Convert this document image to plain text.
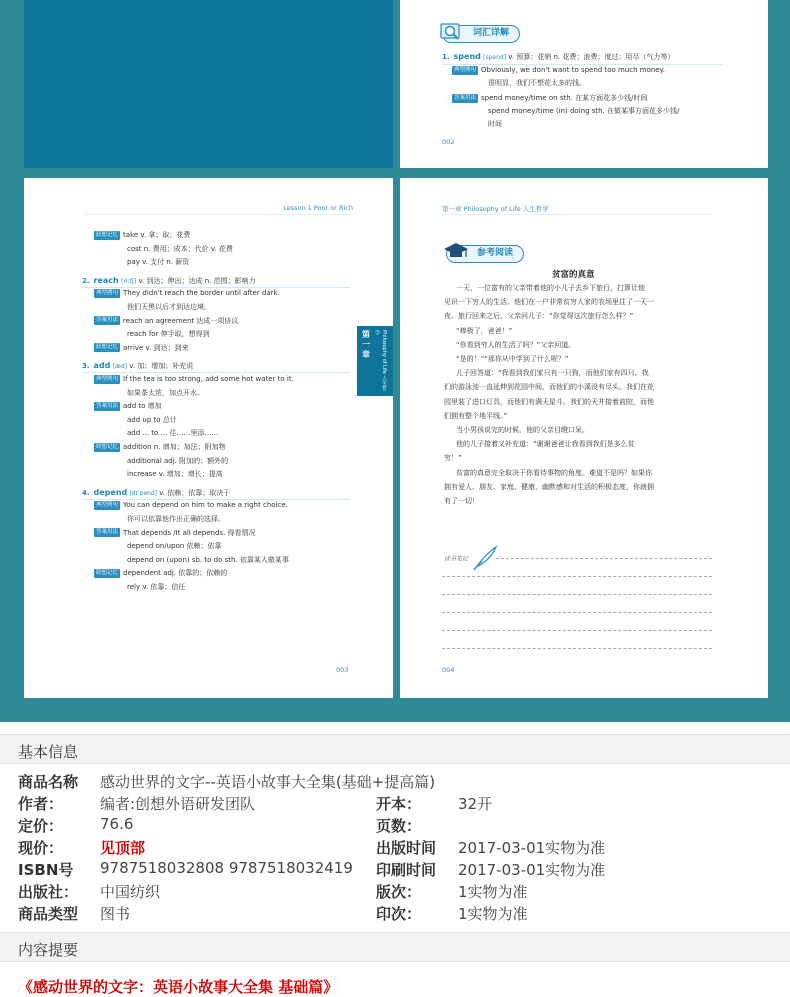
词汇详解
1. spend [spend] v. 预算；花销 n. 花费；浪费；度过；用尽（气力等）
典型例句 Obviously, we don't want to spend too much money.
很明显，我们不想花太多的钱。
答案用法 spend money/time on sth. 在某方面花多少钱/时间
spend money/time (in) doing sth. 在做某事方面花多少钱/
时间
002
Lesson 1 Poor or Rich
联想记忆 take v. 拿；取；花费
cost n. 费用；成本；代价 v. 花费
pay v. 支付 n. 薪资
2. reach [riːtʃ] v. 到达；伸出；达成 n. 范围；影响力
典型例句 They didn't reach the border until after dark.
他们天黑以后才到达边境。
答案用法 reach an agreement 达成一项协议
reach for 伸手取，想得到
联想记忆 arrive v. 到达；到来
3. add [æd] v. 加；增加；补充说
典型例句 If the tea is too strong, add some hot water to it.
如果茶太浓，加点开水。
答案用法 add to 增加
add up to 总计
add ... to ... 往……里添……
联想记忆 addition n. 增加；加法；附加物
additional adj. 附加的；额外的
increase v. 增加；增长；提高
4. depend [dɪˈpend] v. 依赖；依靠；取决于
典型例句 You can depend on him to make a right choice.
你可以依靠他作出正确的选择。
答案用法 That depends /It all depends. 得看情况
depend on/upon 依赖；依靠
depend on (upon) sb. to do sth. 依靠某人做某事
联想记忆 dependent adj. 依靠的；依赖的
rely v. 依靠；信任
第一章	Philosophy of Life 人生哲学
003
第一章 Philosophy of Life 人生哲学
参考阅读
贫富的真意
一天，一位富有的父亲带着他的小儿子去乡下旅行，打算让他
见识一下穷人的生活。他们在一户非常贫穷人家的农场里住了一天一
夜。旅行回来之后，父亲问儿子：“你觉得这次旅行怎么样？”
“棒极了，爸爸！”
“你看到穷人的生活了吗？”父亲问道。
“是的！”“那你从中学到了什么呢？”
儿子回答道：“我看到我们家只有一只狗，而他们家有四只。我
们的游泳池一直延伸到花园中间，而他们的小溪没有尽头。我们在花
园里装了进口灯具，而他们有满天星斗。我们的天井接着前院，而他
们拥有整个地平线。”
当小男孩说完的时候，他的父亲目瞪口呆。
他的儿子接着又补充道：“谢谢爸爸让我看到我们是多么贫
穷！”
贫富的真意完全取决于你看待事物的角度。难道不是吗？如果你
拥有爱人、朋友、家庭、健康、幽默感和对生活的积极态度，你就拥
有了一切！
读书笔记
004
基本信息
商品名称 感动世界的文字--英语小故事大全集(基础+提高篇)
作者： 编者:创想外语研发团队
定价： 76.6
现价： 见顶部
ISBN号 9787518032808 9787518032419
出版社： 中国纺织
商品类型 图书
开本： 32开
页数：
出版时间 2017-03-01实物为准
印刷时间 2017-03-01实物为准
版次： 1实物为准
印次： 1实物为准
内容提要
《感动世界的文字：英语小故事大全集 基础篇》
